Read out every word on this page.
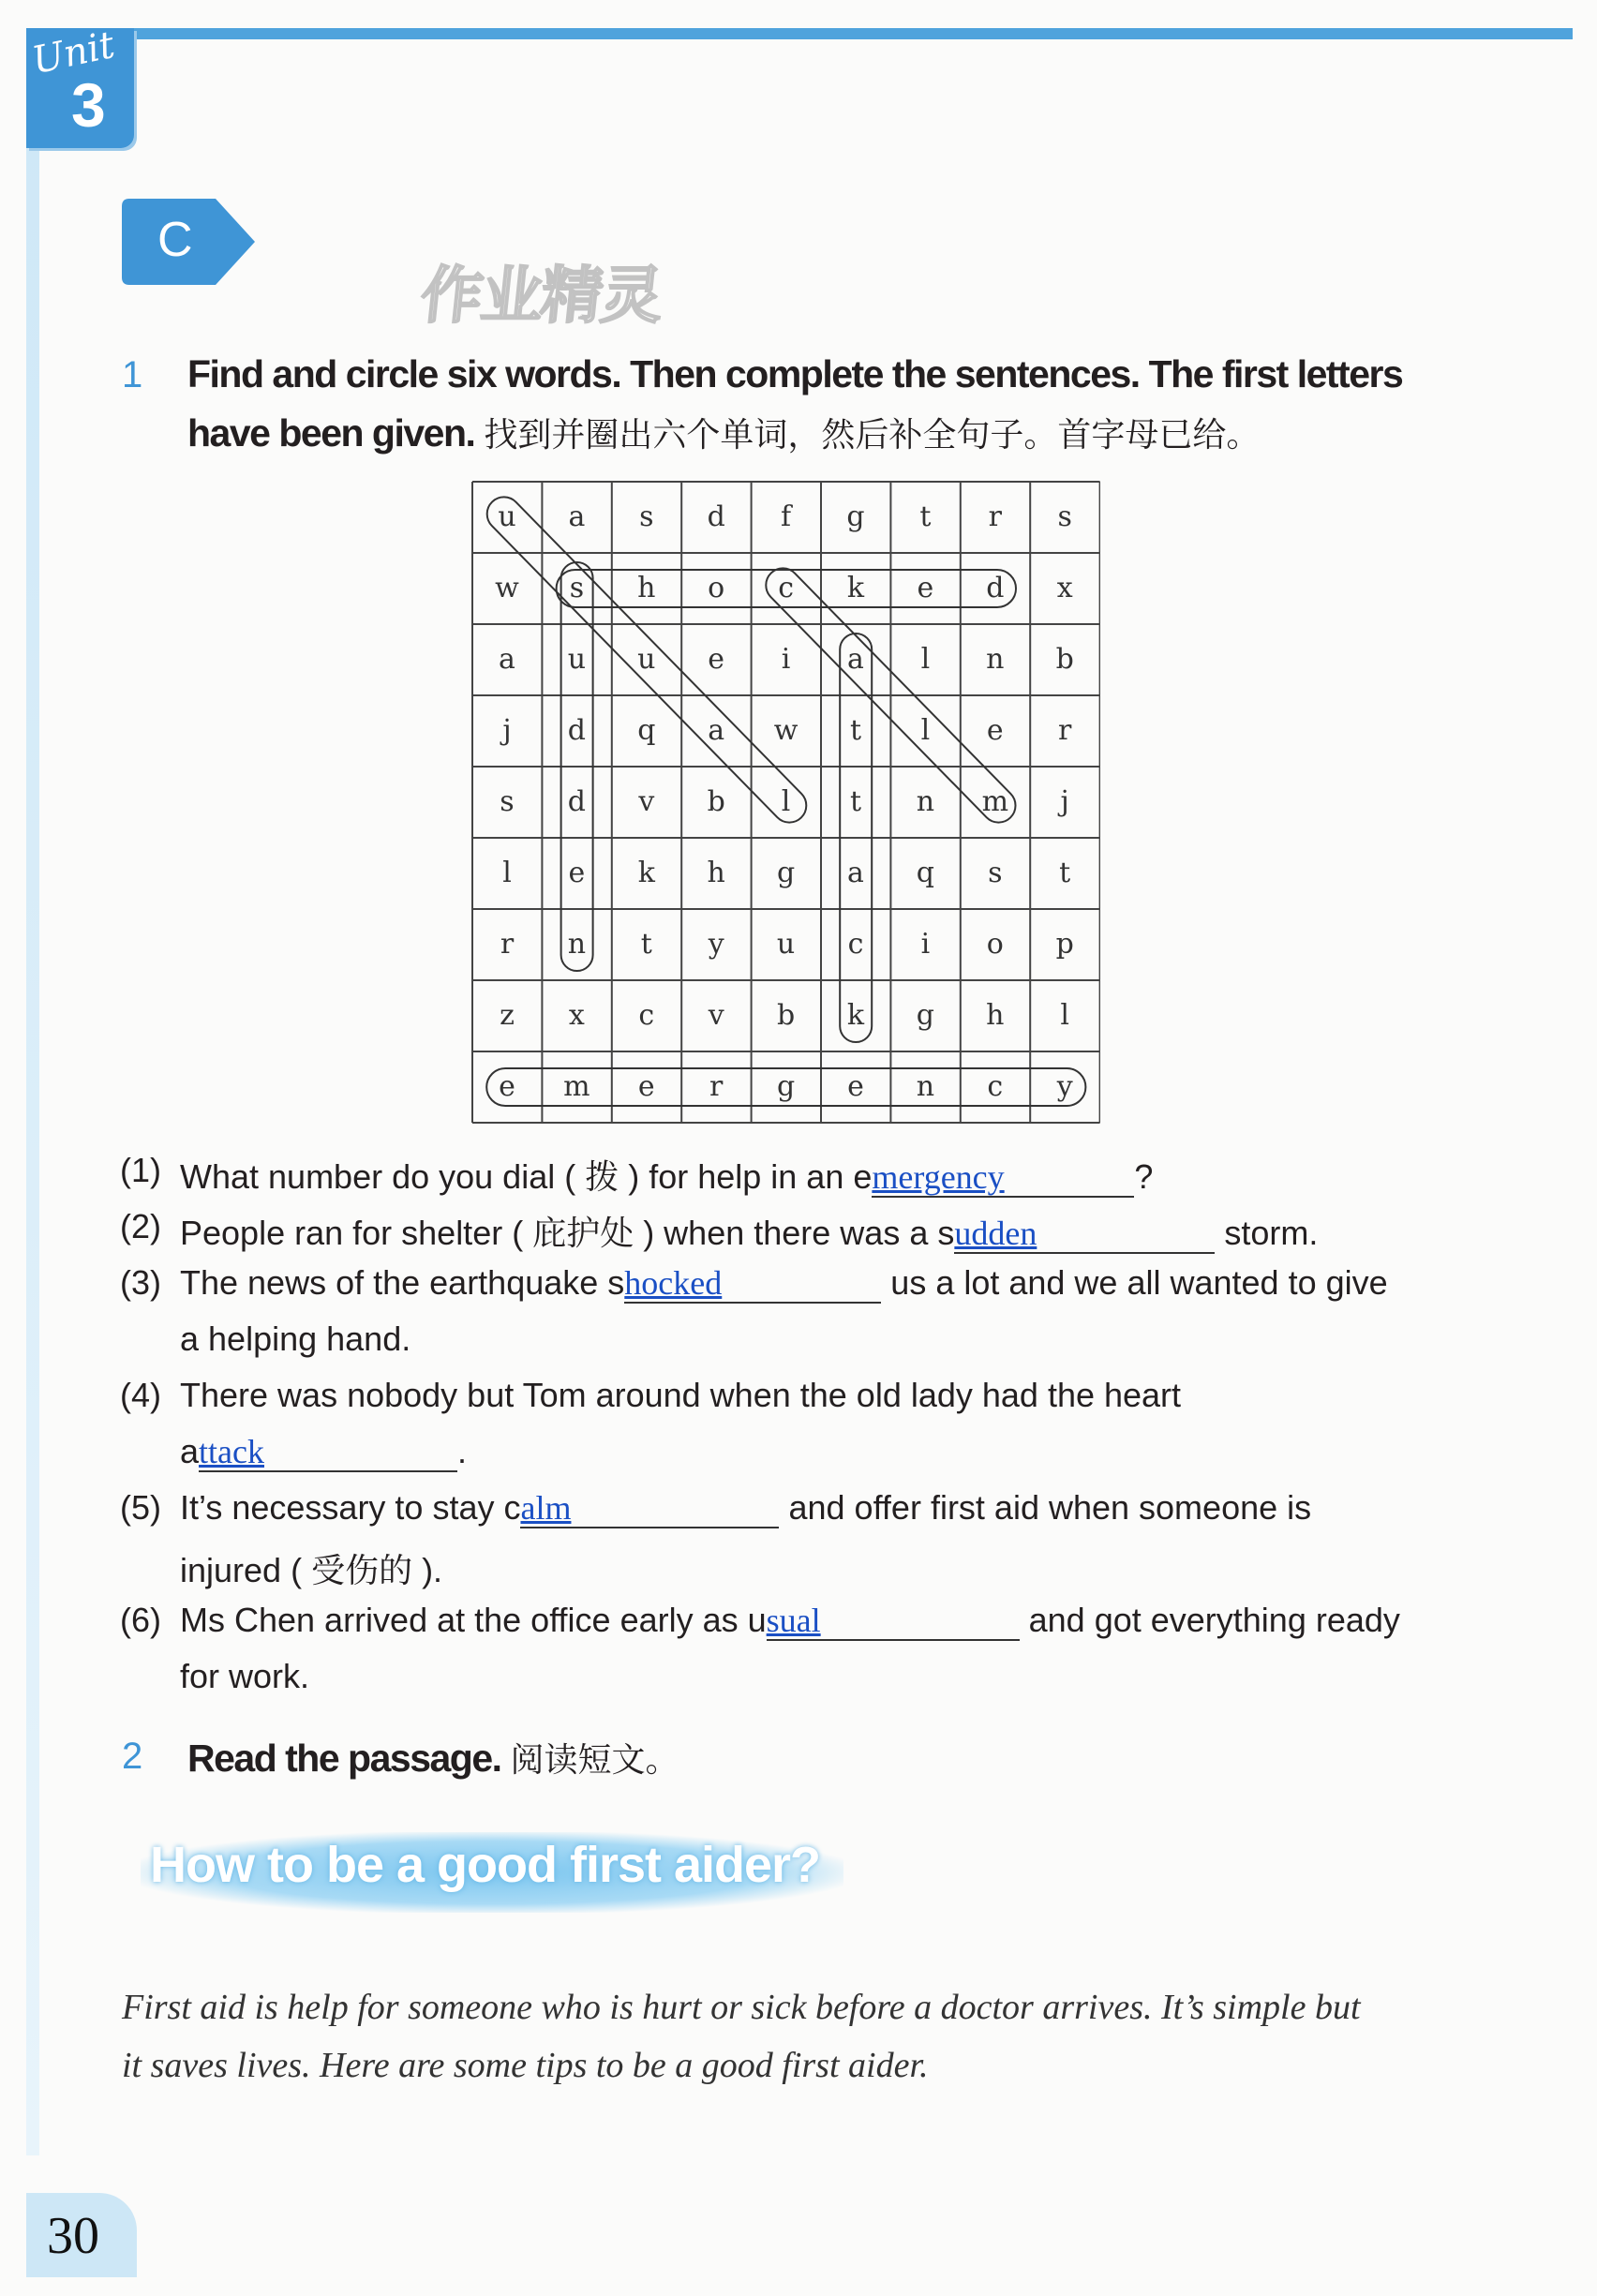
Unit
3
C
作业精灵
1 Find and circle six words. Then complete the sentences. The first letters
have been given. 找到并圈出六个单词，然后补全句子。首字母已给。
u	a	s	d	f	g	t	r	s
w	s	h	o	c	k	e	d	x
a	u	u	e	i	a	l	n	b
j	d	q	a	w	t	l	e	r
s	d	v	b	l	t	n	m	j
l	e	k	h	g	a	q	s	t
r	n	t	y	u	c	i	o	p
z	x	c	v	b	k	g	h	l
e	m	e	r	g	e	n	c	y
(1) What number do you dial ( 拨 ) for help in an emergency	?
(2) People ran for shelter ( 庇护处 ) when there was a sudden	storm.
(3) The news of the earthquake shocked	us a lot and we all wanted to give
a helping hand.
(4) There was nobody but Tom around when the old lady had the heart
attack	.
(5) It’s necessary to stay calm	and offer first aid when someone is
injured ( 受伤的 ).
(6) Ms Chen arrived at the office early as usual	and got everything ready
for work.
2 Read the passage. 阅读短文。
How to be a good first aider?
First aid is help for someone who is hurt or sick before a doctor arrives. It’s simple but
it saves lives. Here are some tips to be a good first aider.
30
